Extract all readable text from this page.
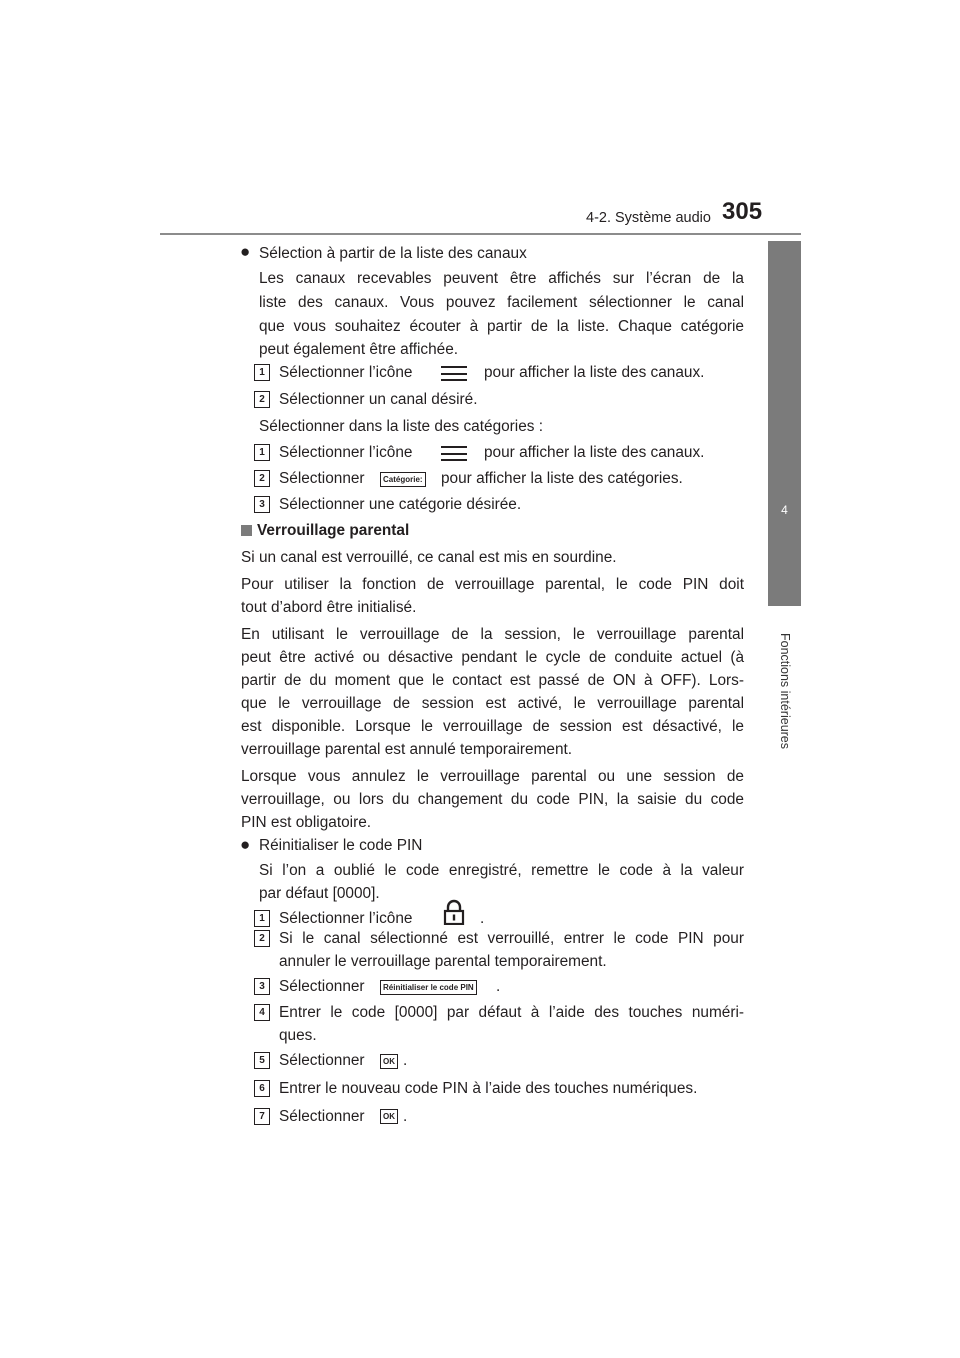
4-2. Système audio 305
4
Fonctions intérieures
● Sélection à partir de la liste des canaux
Les canaux recevables peuvent être affichés sur l’écran de la
liste des canaux. Vous pouvez facilement sélectionner le canal
que vous souhaitez écouter à partir de la liste. Chaque catégorie
peut également être affichée.
1 Sélectionner l’icône	pour afficher la liste des canaux.
2 Sélectionner un canal désiré.
Sélectionner dans la liste des catégories :
1 Sélectionner l’icône	pour afficher la liste des canaux.
2 Sélectionner	Catégorie: pour afficher la liste des catégories.
3 Sélectionner une catégorie désirée.
Verrouillage parental
Si un canal est verrouillé, ce canal est mis en sourdine.
Pour utiliser la fonction de verrouillage parental, le code PIN doit
tout d’abord être initialisé.
En utilisant le verrouillage de la session, le verrouillage parental
peut être activé ou désactive pendant le cycle de conduite actuel (à
partir de du moment que le contact est passé de ON à OFF). Lors-
que le verrouillage de session est activé, le verrouillage parental
est disponible. Lorsque le verrouillage de session est désactivé, le
verrouillage parental est annulé temporairement.
Lorsque vous annulez le verrouillage parental ou une session de
verrouillage, ou lors du changement du code PIN, la saisie du code
PIN est obligatoire.
● Réinitialiser le code PIN
Si l’on a oublié le code enregistré, remettre le code à la valeur
par défaut [0000].
1 Sélectionner l’icône	.
2 Si le canal sélectionné est verrouillé, entrer le code PIN pour
annuler le verrouillage parental temporairement.
3 Sélectionner	Réinitialiser le code PIN .
4 Entrer le code [0000] par défaut à l’aide des touches numéri-
ques.
5 Sélectionner	OK .
6 Entrer le nouveau code PIN à l’aide des touches numériques.
7 Sélectionner	OK .
